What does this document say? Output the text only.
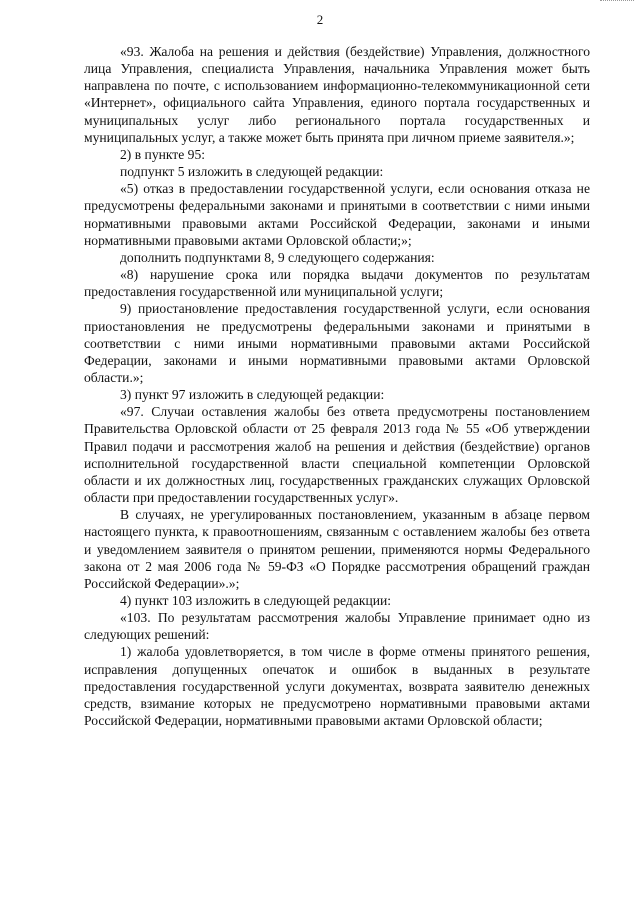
2

«93. Жалоба на решения и действия (бездействие) Управления, должностного лица Управления, специалиста Управления, начальника Управления может быть направлена по почте, с использованием информационно-телекоммуникационной сети «Интернет», официального сайта Управления, единого портала государственных и муниципальных услуг либо регионального портала государственных и муниципальных услуг, а также может быть принята при личном приеме заявителя.»;

2) в пункте 95:

подпункт 5 изложить в следующей редакции:

«5) отказ в предоставлении государственной услуги, если основания отказа не предусмотрены федеральными законами и принятыми в соответствии с ними иными нормативными правовыми актами Российской Федерации, законами и иными нормативными правовыми актами Орловской области;»;

дополнить подпунктами 8, 9 следующего содержания:

«8) нарушение срока или порядка выдачи документов по результатам предоставления государственной или муниципальной услуги;

9) приостановление предоставления государственной услуги, если основания приостановления не предусмотрены федеральными законами и принятыми в соответствии с ними иными нормативными правовыми актами Российской Федерации, законами и иными нормативными правовыми актами Орловской области.»;

3) пункт 97 изложить в следующей редакции:

«97. Случаи оставления жалобы без ответа предусмотрены постановлением Правительства Орловской области от 25 февраля 2013 года № 55 «Об утверждении Правил подачи и рассмотрения жалоб на решения и действия (бездействие) органов исполнительной государственной власти специальной компетенции Орловской области и их должностных лиц, государственных гражданских служащих Орловской области при предоставлении государственных услуг».

В случаях, не урегулированных постановлением, указанным в абзаце первом настоящего пункта, к правоотношениям, связанным с оставлением жалобы без ответа и уведомлением заявителя о принятом решении, применяются нормы Федерального закона от 2 мая 2006 года № 59-ФЗ «О Порядке рассмотрения обращений граждан Российской Федерации».»;

4) пункт 103 изложить в следующей редакции:

«103. По результатам рассмотрения жалобы Управление принимает одно из следующих решений:

1) жалоба удовлетворяется, в том числе в форме отмены принятого решения, исправления допущенных опечаток и ошибок в выданных в результате предоставления государственной услуги документах, возврата заявителю денежных средств, взимание которых не предусмотрено нормативными правовыми актами Российской Федерации, нормативными правовыми актами Орловской области;
